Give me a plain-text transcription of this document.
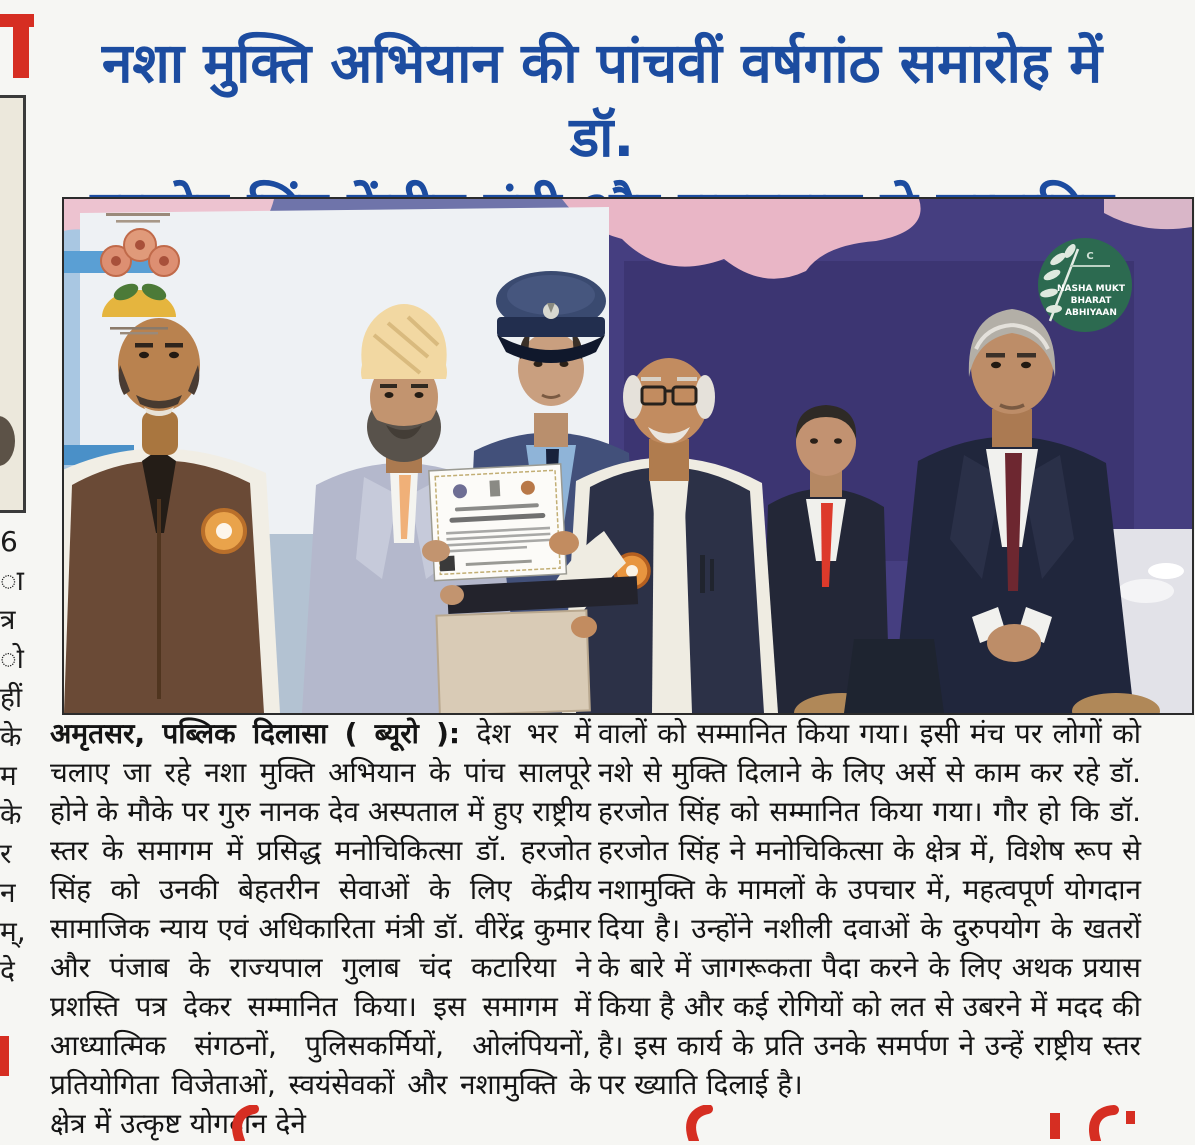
6
ा
त्र
ो
हीं
के
म
के
र
न
म्,
दे
नशा मुक्ति अभियान की पांचवीं वर्षगांठ समारोह में डॉ.
C
NASHA MUKT
BHARAT
ABHIYAAN

अमृतसर, पब्लिक दिलासा ( ब्यूरो ): देश भर में चलाए जा रहे नशा मुक्ति अभियान के पांच सालपूरे होने के मौके पर गुरु नानक देव अस्पताल में हुए राष्ट्रीय स्तर के समागम में प्रसिद्ध मनोचिकित्सा डॉ. हरजोत सिंह को उनकी बेहतरीन सेवाओं के लिए केंद्रीय सामाजिक न्याय एवं अधिकारिता मंत्री डॉ. वीरेंद्र कुमार और पंजाब के राज्यपाल गुलाब चंद कटारिया ने प्रशस्ति पत्र देकर सम्मानित किया। इस समागम में आध्यात्मिक संगठनों, पुलिसकर्मियों, ओलंपियनों, प्रतियोगिता विजेताओं, स्वयंसेवकों और नशामुक्ति के क्षेत्र में उत्कृष्ट योगदान देने

वालों को सम्मानित किया गया। इसी मंच पर लोगों को नशे से मुक्ति दिलाने के लिए अर्से से काम कर रहे डॉ. हरजोत सिंह को सम्मानित किया गया। गौर हो कि डॉ. हरजोत सिंह ने मनोचिकित्सा के क्षेत्र में, विशेष रूप से नशामुक्ति के मामलों के उपचार में, महत्वपूर्ण योगदान दिया है। उन्होंने नशीली दवाओं के दुरुपयोग के खतरों के बारे में जागरूकता पैदा करने के लिए अथक प्रयास किया है और कई रोगियों को लत से उबरने में मदद की है। इस कार्य के प्रति उनके समर्पण ने उन्हें राष्ट्रीय स्तर पर ख्याति दिलाई है।
